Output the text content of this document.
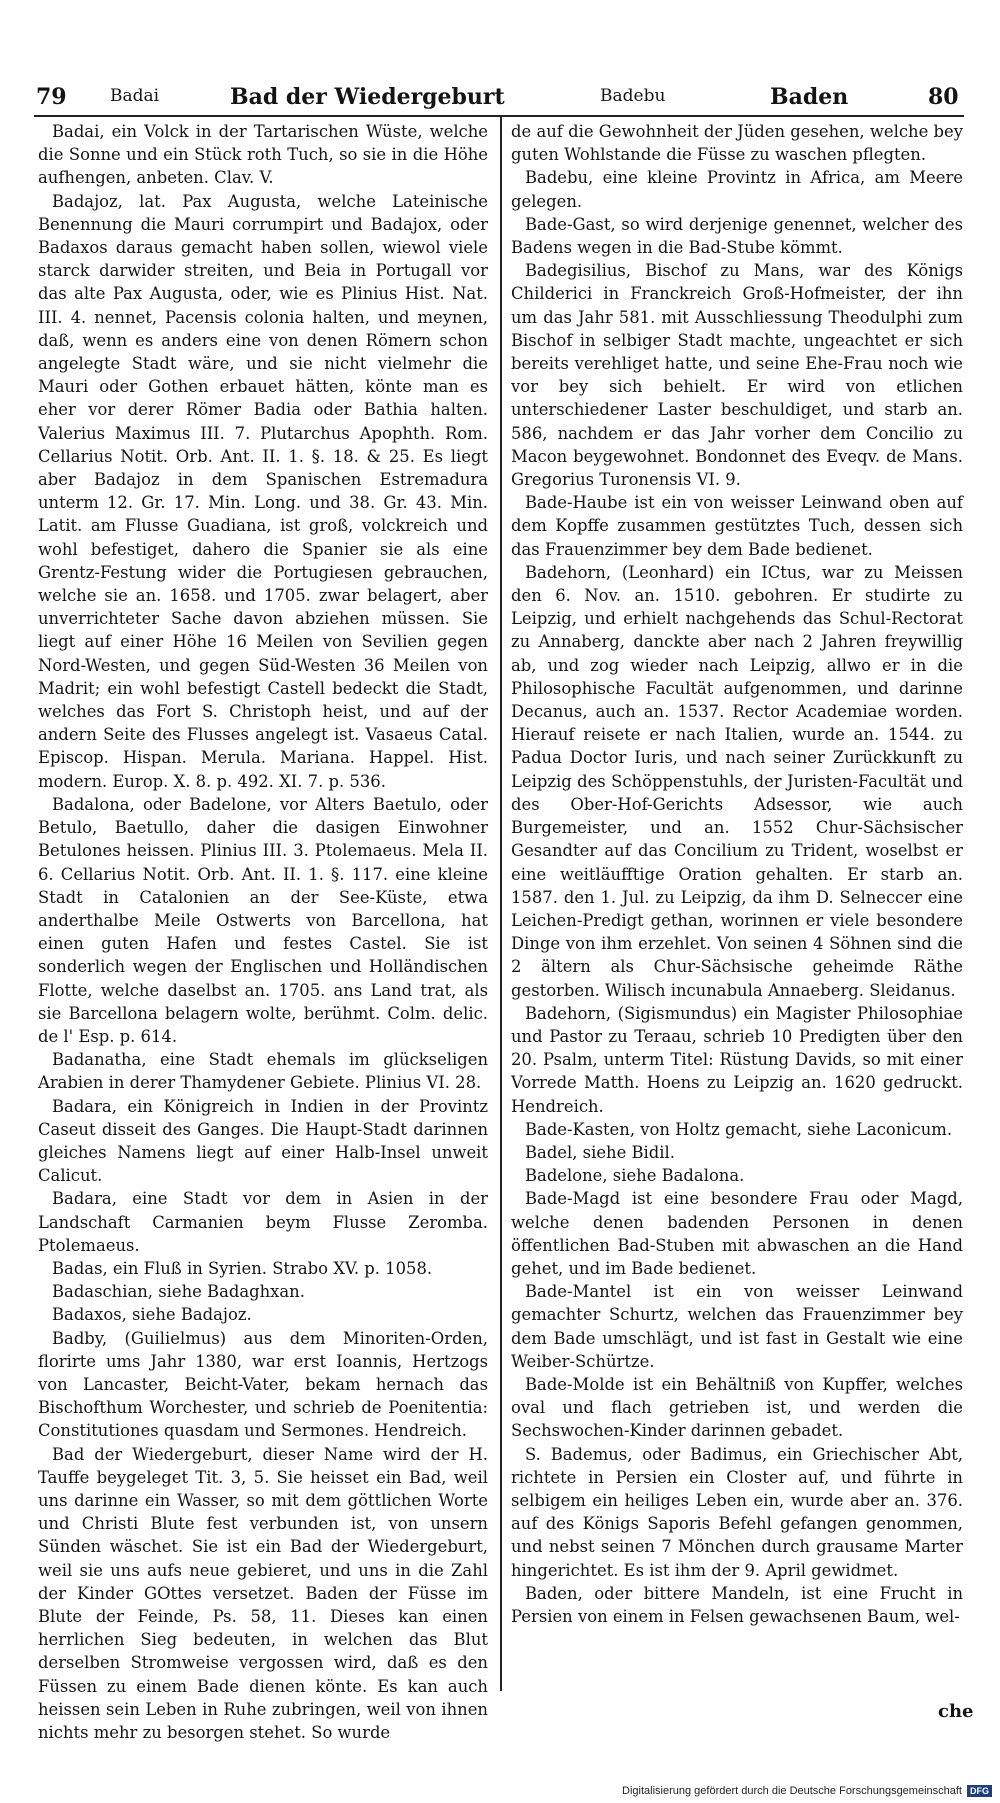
79	Badai	Bad der Wiedergeburt	Badebu	Baden	80

Badai, ein Volck in der Tartarischen Wüste, welche die Sonne und ein Stück roth Tuch, so sie in die Höhe aufhengen, anbeten. Clav. V.

Badajoz, lat. Pax Augusta, welche Lateinische Benennung die Mauri corrumpirt und Badajox, oder Badaxos daraus gemacht haben sollen, wiewol viele starck darwider streiten, und Beia in Portugall vor das alte Pax Augusta, oder, wie es Plinius Hist. Nat. III. 4. nennet, Pacensis colonia halten, und meynen, daß, wenn es anders eine von denen Römern schon angelegte Stadt wäre, und sie nicht vielmehr die Mauri oder Gothen erbauet hätten, könte man es eher vor derer Römer Badia oder Bathia halten. Valerius Maximus III. 7. Plutarchus Apophth. Rom. Cellarius Notit. Orb. Ant. II. 1. §. 18. & 25. Es liegt aber Badajoz in dem Spanischen Estremadura unterm 12. Gr. 17. Min. Long. und 38. Gr. 43. Min. Latit. am Flusse Guadiana, ist groß, volckreich und wohl befestiget, dahero die Spanier sie als eine Grentz-Festung wider die Portugiesen gebrauchen, welche sie an. 1658. und 1705. zwar belagert, aber unverrichteter Sache davon abziehen müssen. Sie liegt auf einer Höhe 16 Meilen von Sevilien gegen Nord-Westen, und gegen Süd-Westen 36 Meilen von Madrit; ein wohl befestigt Castell bedeckt die Stadt, welches das Fort S. Christoph heist, und auf der andern Seite des Flusses angelegt ist. Vasaeus Catal. Episcop. Hispan. Merula. Mariana. Happel. Hist. modern. Europ. X. 8. p. 492. XI. 7. p. 536.

Badalona, oder Badelone, vor Alters Baetulo, oder Betulo, Baetullo, daher die dasigen Einwohner Betulones heissen. Plinius III. 3. Ptolemaeus. Mela II. 6. Cellarius Notit. Orb. Ant. II. 1. §. 117. eine kleine Stadt in Catalonien an der See-Küste, etwa anderthalbe Meile Ostwerts von Barcellona, hat einen guten Hafen und festes Castel. Sie ist sonderlich wegen der Englischen und Holländischen Flotte, welche daselbst an. 1705. ans Land trat, als sie Barcellona belagern wolte, berühmt. Colm. delic. de l' Esp. p. 614.

Badanatha, eine Stadt ehemals im glückseligen Arabien in derer Thamydener Gebiete. Plinius VI. 28.

Badara, ein Königreich in Indien in der Provintz Caseut disseit des Ganges. Die Haupt-Stadt darinnen gleiches Namens liegt auf einer Halb-Insel unweit Calicut.

Badara, eine Stadt vor dem in Asien in der Landschaft Carmanien beym Flusse Zeromba. Ptolemaeus.

Badas, ein Fluß in Syrien. Strabo XV. p. 1058.

Badaschian, siehe Badaghxan.

Badaxos, siehe Badajoz.

Badby, (Guilielmus) aus dem Minoriten-Orden, florirte ums Jahr 1380, war erst Ioannis, Hertzogs von Lancaster, Beicht-Vater, bekam hernach das Bischofthum Worchester, und schrieb de Poenitentia: Constitutiones quasdam und Sermones. Hendreich.

Bad der Wiedergeburt, dieser Name wird der H. Tauffe beygeleget Tit. 3, 5. Sie heisset ein Bad, weil uns darinne ein Wasser, so mit dem göttlichen Worte und Christi Blute fest verbunden ist, von unsern Sünden wäschet. Sie ist ein Bad der Wiedergeburt, weil sie uns aufs neue gebieret, und uns in die Zahl der Kinder GOttes versetzet. Baden der Füsse im Blute der Feinde, Ps. 58, 11. Dieses kan einen herrlichen Sieg bedeuten, in welchen das Blut derselben Stromweise vergossen wird, daß es den Füssen zu einem Bade dienen könte. Es kan auch heissen sein Leben in Ruhe zubringen, weil von ihnen nichts mehr zu besorgen stehet. So wurde

de auf die Gewohnheit der Jüden gesehen, welche bey guten Wohlstande die Füsse zu waschen pflegten.

Badebu, eine kleine Provintz in Africa, am Meere gelegen.

Bade-Gast, so wird derjenige genennet, welcher des Badens wegen in die Bad-Stube kömmt.

Badegisilius, Bischof zu Mans, war des Königs Childerici in Franckreich Groß-Hofmeister, der ihn um das Jahr 581. mit Ausschliessung Theodulphi zum Bischof in selbiger Stadt machte, ungeachtet er sich bereits verehliget hatte, und seine Ehe-Frau noch wie vor bey sich behielt. Er wird von etlichen unterschiedener Laster beschuldiget, und starb an. 586, nachdem er das Jahr vorher dem Concilio zu Macon beygewohnet. Bondonnet des Eveqv. de Mans. Gregorius Turonensis VI. 9.

Bade-Haube ist ein von weisser Leinwand oben auf dem Kopffe zusammen gestütztes Tuch, dessen sich das Frauenzimmer bey dem Bade bedienet.

Badehorn, (Leonhard) ein ICtus, war zu Meissen den 6. Nov. an. 1510. gebohren. Er studirte zu Leipzig, und erhielt nachgehends das Schul-Rectorat zu Annaberg, danckte aber nach 2 Jahren freywillig ab, und zog wieder nach Leipzig, allwo er in die Philosophische Facultät aufgenommen, und darinne Decanus, auch an. 1537. Rector Academiae worden. Hierauf reisete er nach Italien, wurde an. 1544. zu Padua Doctor Iuris, und nach seiner Zurückkunft zu Leipzig des Schöppenstuhls, der Juristen-Facultät und des Ober-Hof-Gerichts Adsessor, wie auch Burgemeister, und an. 1552 Chur-Sächsischer Gesandter auf das Concilium zu Trident, woselbst er eine weitläufftige Oration gehalten. Er starb an. 1587. den 1. Jul. zu Leipzig, da ihm D. Selneccer eine Leichen-Predigt gethan, worinnen er viele besondere Dinge von ihm erzehlet. Von seinen 4 Söhnen sind die 2 ältern als Chur-Sächsische geheimde Räthe gestorben. Wilisch incunabula Annaeberg. Sleidanus.

Badehorn, (Sigismundus) ein Magister Philosophiae und Pastor zu Teraau, schrieb 10 Predigten über den 20. Psalm, unterm Titel: Rüstung Davids, so mit einer Vorrede Matth. Hoens zu Leipzig an. 1620 gedruckt. Hendreich.

Bade-Kasten, von Holtz gemacht, siehe Laconicum.

Badel, siehe Bidil.

Badelone, siehe Badalona.

Bade-Magd ist eine besondere Frau oder Magd, welche denen badenden Personen in denen öffentlichen Bad-Stuben mit abwaschen an die Hand gehet, und im Bade bedienet.

Bade-Mantel ist ein von weisser Leinwand gemachter Schurtz, welchen das Frauenzimmer bey dem Bade umschlägt, und ist fast in Gestalt wie eine Weiber-Schürtze.

Bade-Molde ist ein Behältniß von Kupffer, welches oval und flach getrieben ist, und werden die Sechswochen-Kinder darinnen gebadet.

S. Bademus, oder Badimus, ein Griechischer Abt, richtete in Persien ein Closter auf, und führte in selbigem ein heiliges Leben ein, wurde aber an. 376. auf des Königs Saporis Befehl gefangen genommen, und nebst seinen 7 Mönchen durch grausame Marter hingerichtet. Es ist ihm der 9. April gewidmet.

Baden, oder bittere Mandeln, ist eine Frucht in Persien von einem in Felsen gewachsenen Baum, wel-

che
Digitalisierung gefördert durch die Deutsche Forschungsgemeinschaft DFG
